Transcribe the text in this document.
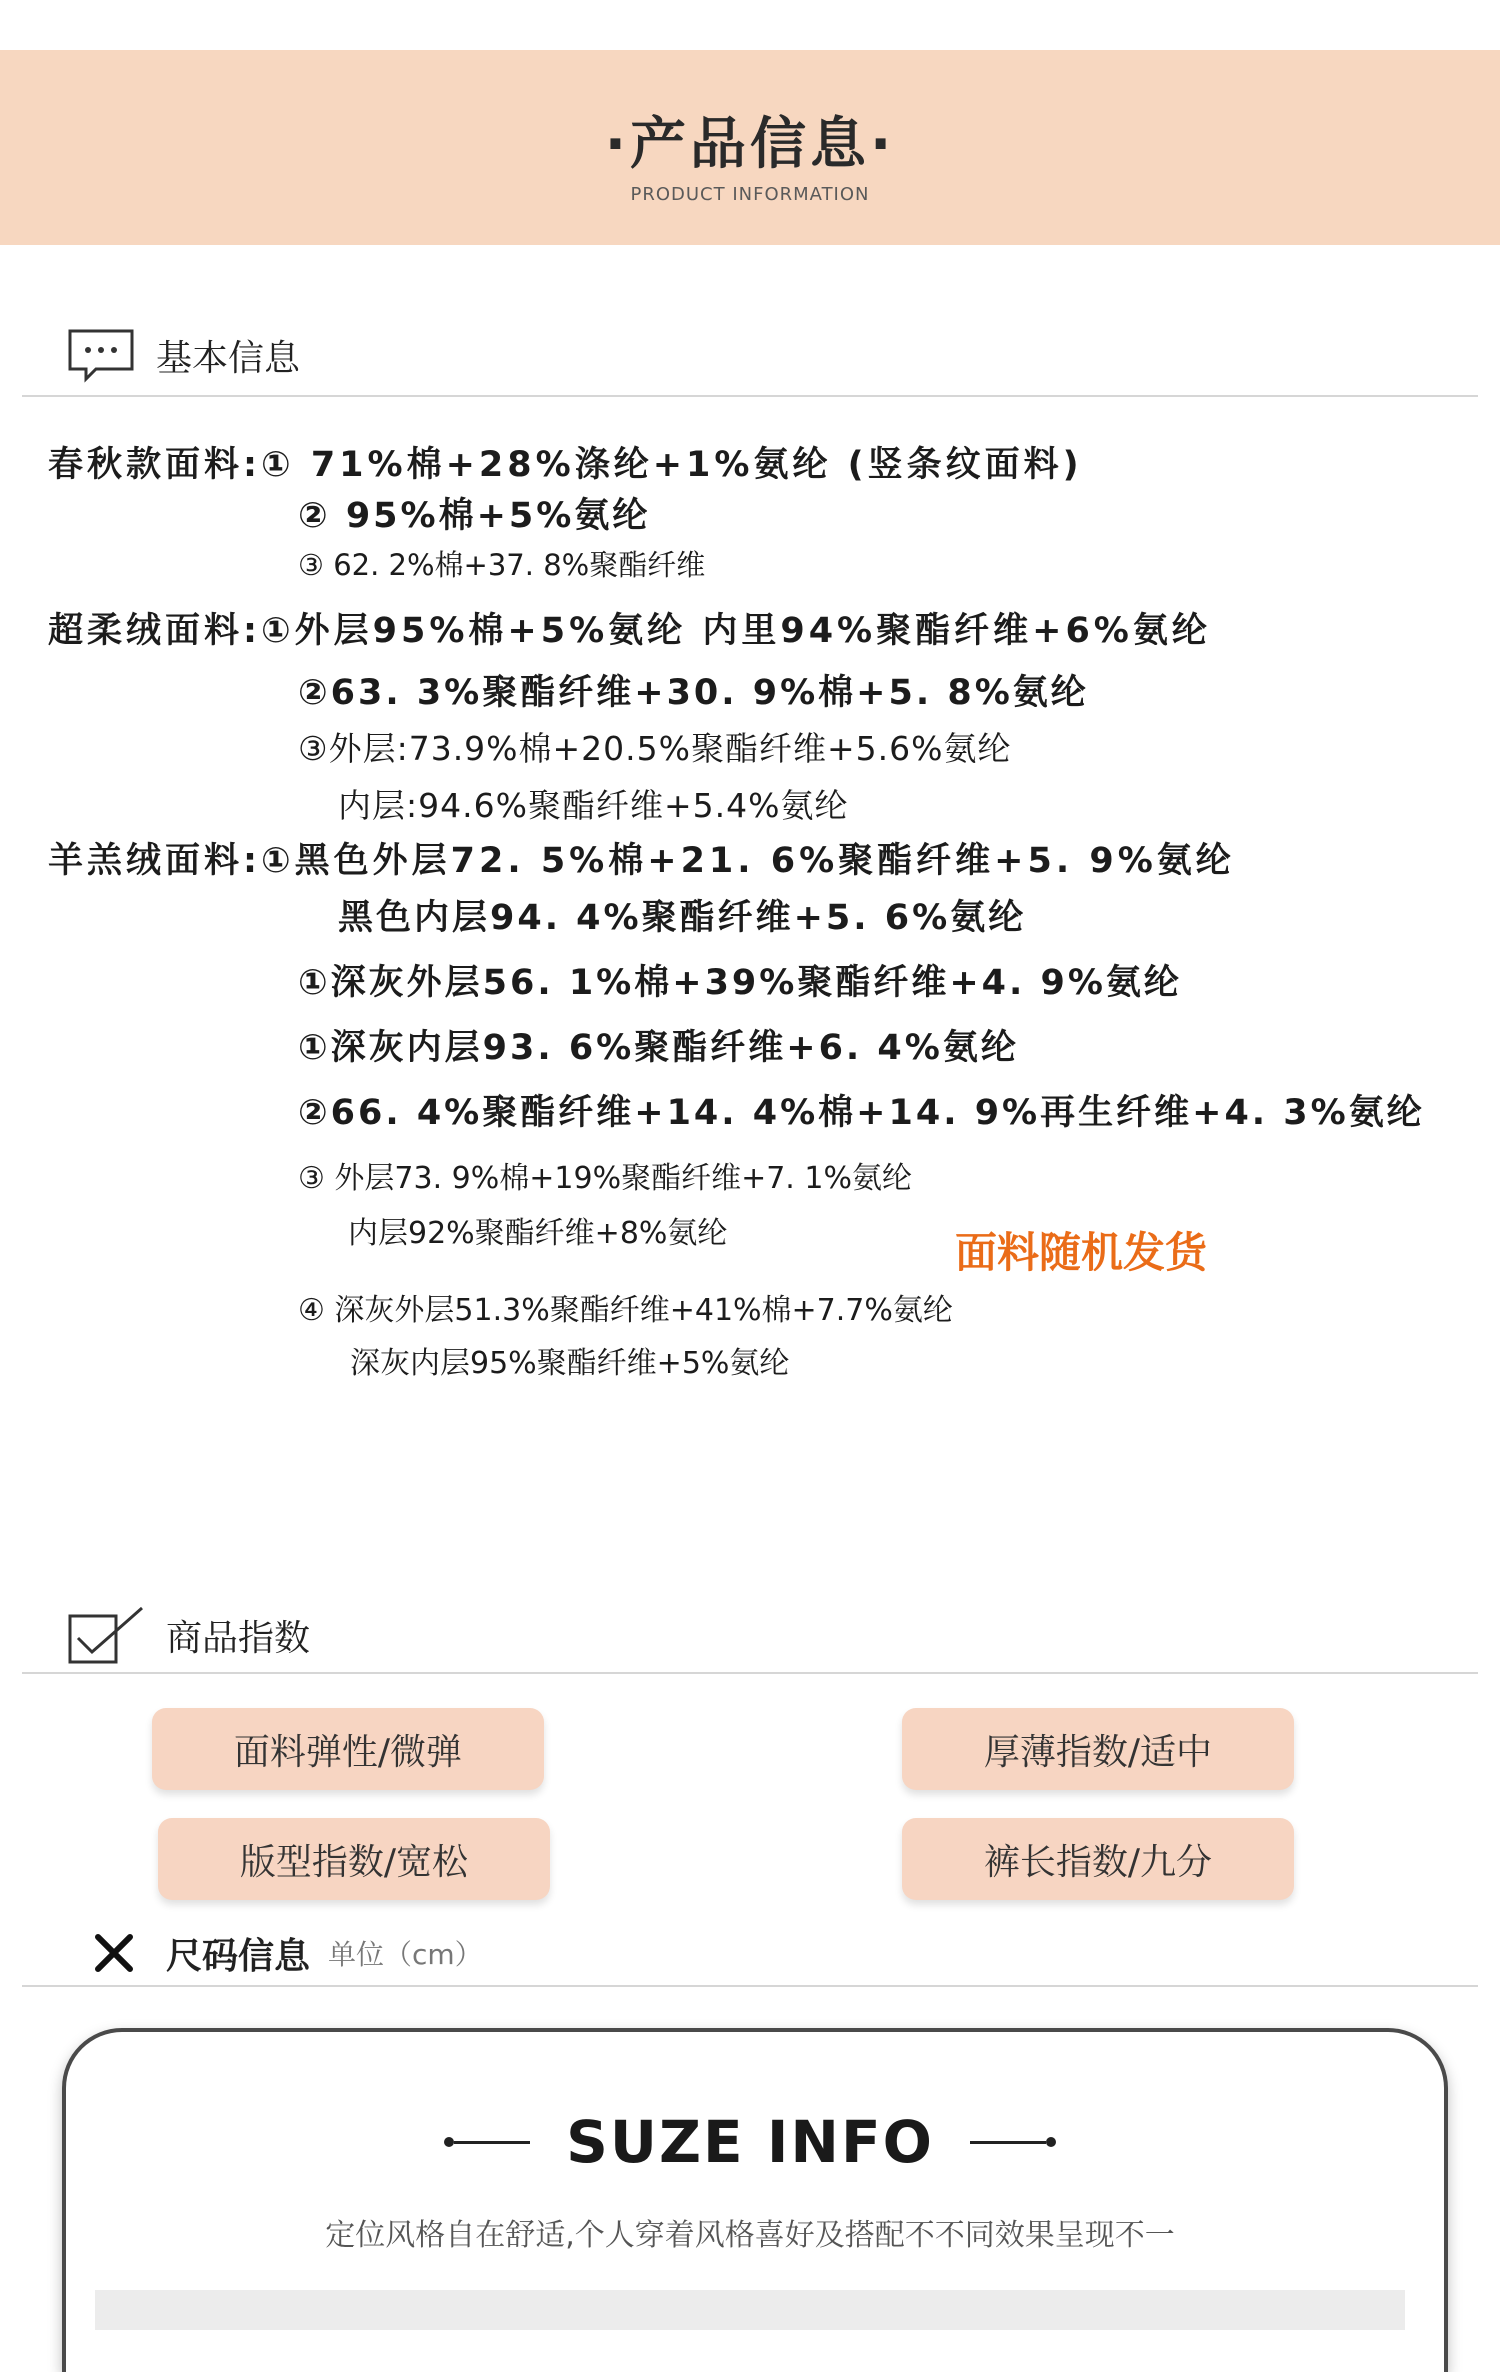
·产品信息·
PRODUCT INFORMATION
基本信息
春秋款面料:① 71%棉+28%涤纶+1%氨纶 (竖条纹面料)
② 95%棉+5%氨纶
③ 62. 2%棉+37. 8%聚酯纤维
超柔绒面料:①外层95%棉+5%氨纶 内里94%聚酯纤维+6%氨纶
②63. 3%聚酯纤维+30. 9%棉+5. 8%氨纶
③外层:73.9%棉+20.5%聚酯纤维+5.6%氨纶
内层:94.6%聚酯纤维+5.4%氨纶
羊羔绒面料:①黑色外层72. 5%棉+21. 6%聚酯纤维+5. 9%氨纶
黑色内层94. 4%聚酯纤维+5. 6%氨纶
①深灰外层56. 1%棉+39%聚酯纤维+4. 9%氨纶
①深灰内层93. 6%聚酯纤维+6. 4%氨纶
②66. 4%聚酯纤维+14. 4%棉+14. 9%再生纤维+4. 3%氨纶
③ 外层73. 9%棉+19%聚酯纤维+7. 1%氨纶
内层92%聚酯纤维+8%氨纶	面料随机发货
④ 深灰外层51.3%聚酯纤维+41%棉+7.7%氨纶
深灰内层95%聚酯纤维+5%氨纶
商品指数
面料弹性/微弹	厚薄指数/适中
版型指数/宽松	裤长指数/九分
尺码信息 单位（cm）
SUZE INFO
定位风格自在舒适,个人穿着风格喜好及搭配不不同效果呈现不一
